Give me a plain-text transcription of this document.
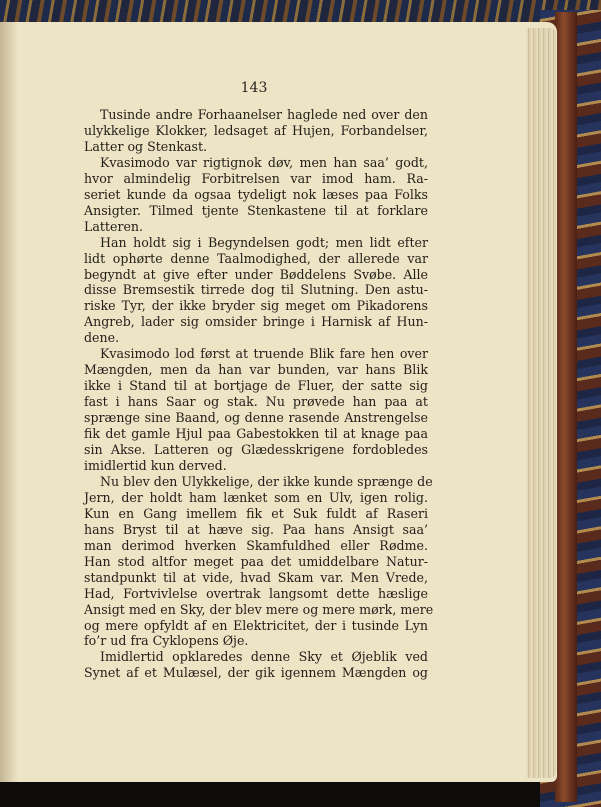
143
Tusinde andre Forhaanelser haglede ned over den
ulykkelige Klokker, ledsaget af Hujen, Forbandelser,
Latter og Stenkast.
Kvasimodo var rigtignok døv, men han saa’ godt,
hvor almindelig Forbitrelsen var imod ham. Ra-
seriet kunde da ogsaa tydeligt nok læses paa Folks
Ansigter. Tilmed tjente Stenkastene til at forklare
Latteren.
Han holdt sig i Begyndelsen godt; men lidt efter
lidt ophørte denne Taalmodighed, der allerede var
begyndt at give efter under Bøddelens Svøbe. Alle
disse Bremsestik tirrede dog til Slutning. Den astu-
riske Tyr, der ikke bryder sig meget om Pikadorens
Angreb, lader sig omsider bringe i Harnisk af Hun-
dene.
Kvasimodo lod først at truende Blik fare hen over
Mængden, men da han var bunden, var hans Blik
ikke i Stand til at bortjage de Fluer, der satte sig
fast i hans Saar og stak. Nu prøvede han paa at
sprænge sine Baand, og denne rasende Anstrengelse
fik det gamle Hjul paa Gabestokken til at knage paa
sin Akse. Latteren og Glædesskrigene fordobledes
imidlertid kun derved.
Nu blev den Ulykkelige, der ikke kunde sprænge de
Jern, der holdt ham lænket som en Ulv, igen rolig.
Kun en Gang imellem fik et Suk fuldt af Raseri
hans Bryst til at hæve sig. Paa hans Ansigt saa’
man derimod hverken Skamfuldhed eller Rødme.
Han stod altfor meget paa det umiddelbare Natur-
standpunkt til at vide, hvad Skam var. Men Vrede,
Had, Fortvivlelse overtrak langsomt dette hæslige
Ansigt med en Sky, der blev mere og mere mørk, mere
og mere opfyldt af en Elektricitet, der i tusinde Lyn
fo’r ud fra Cyklopens Øje.
Imidlertid opklaredes denne Sky et Øjeblik ved
Synet af et Mulæsel, der gik igennem Mængden og
